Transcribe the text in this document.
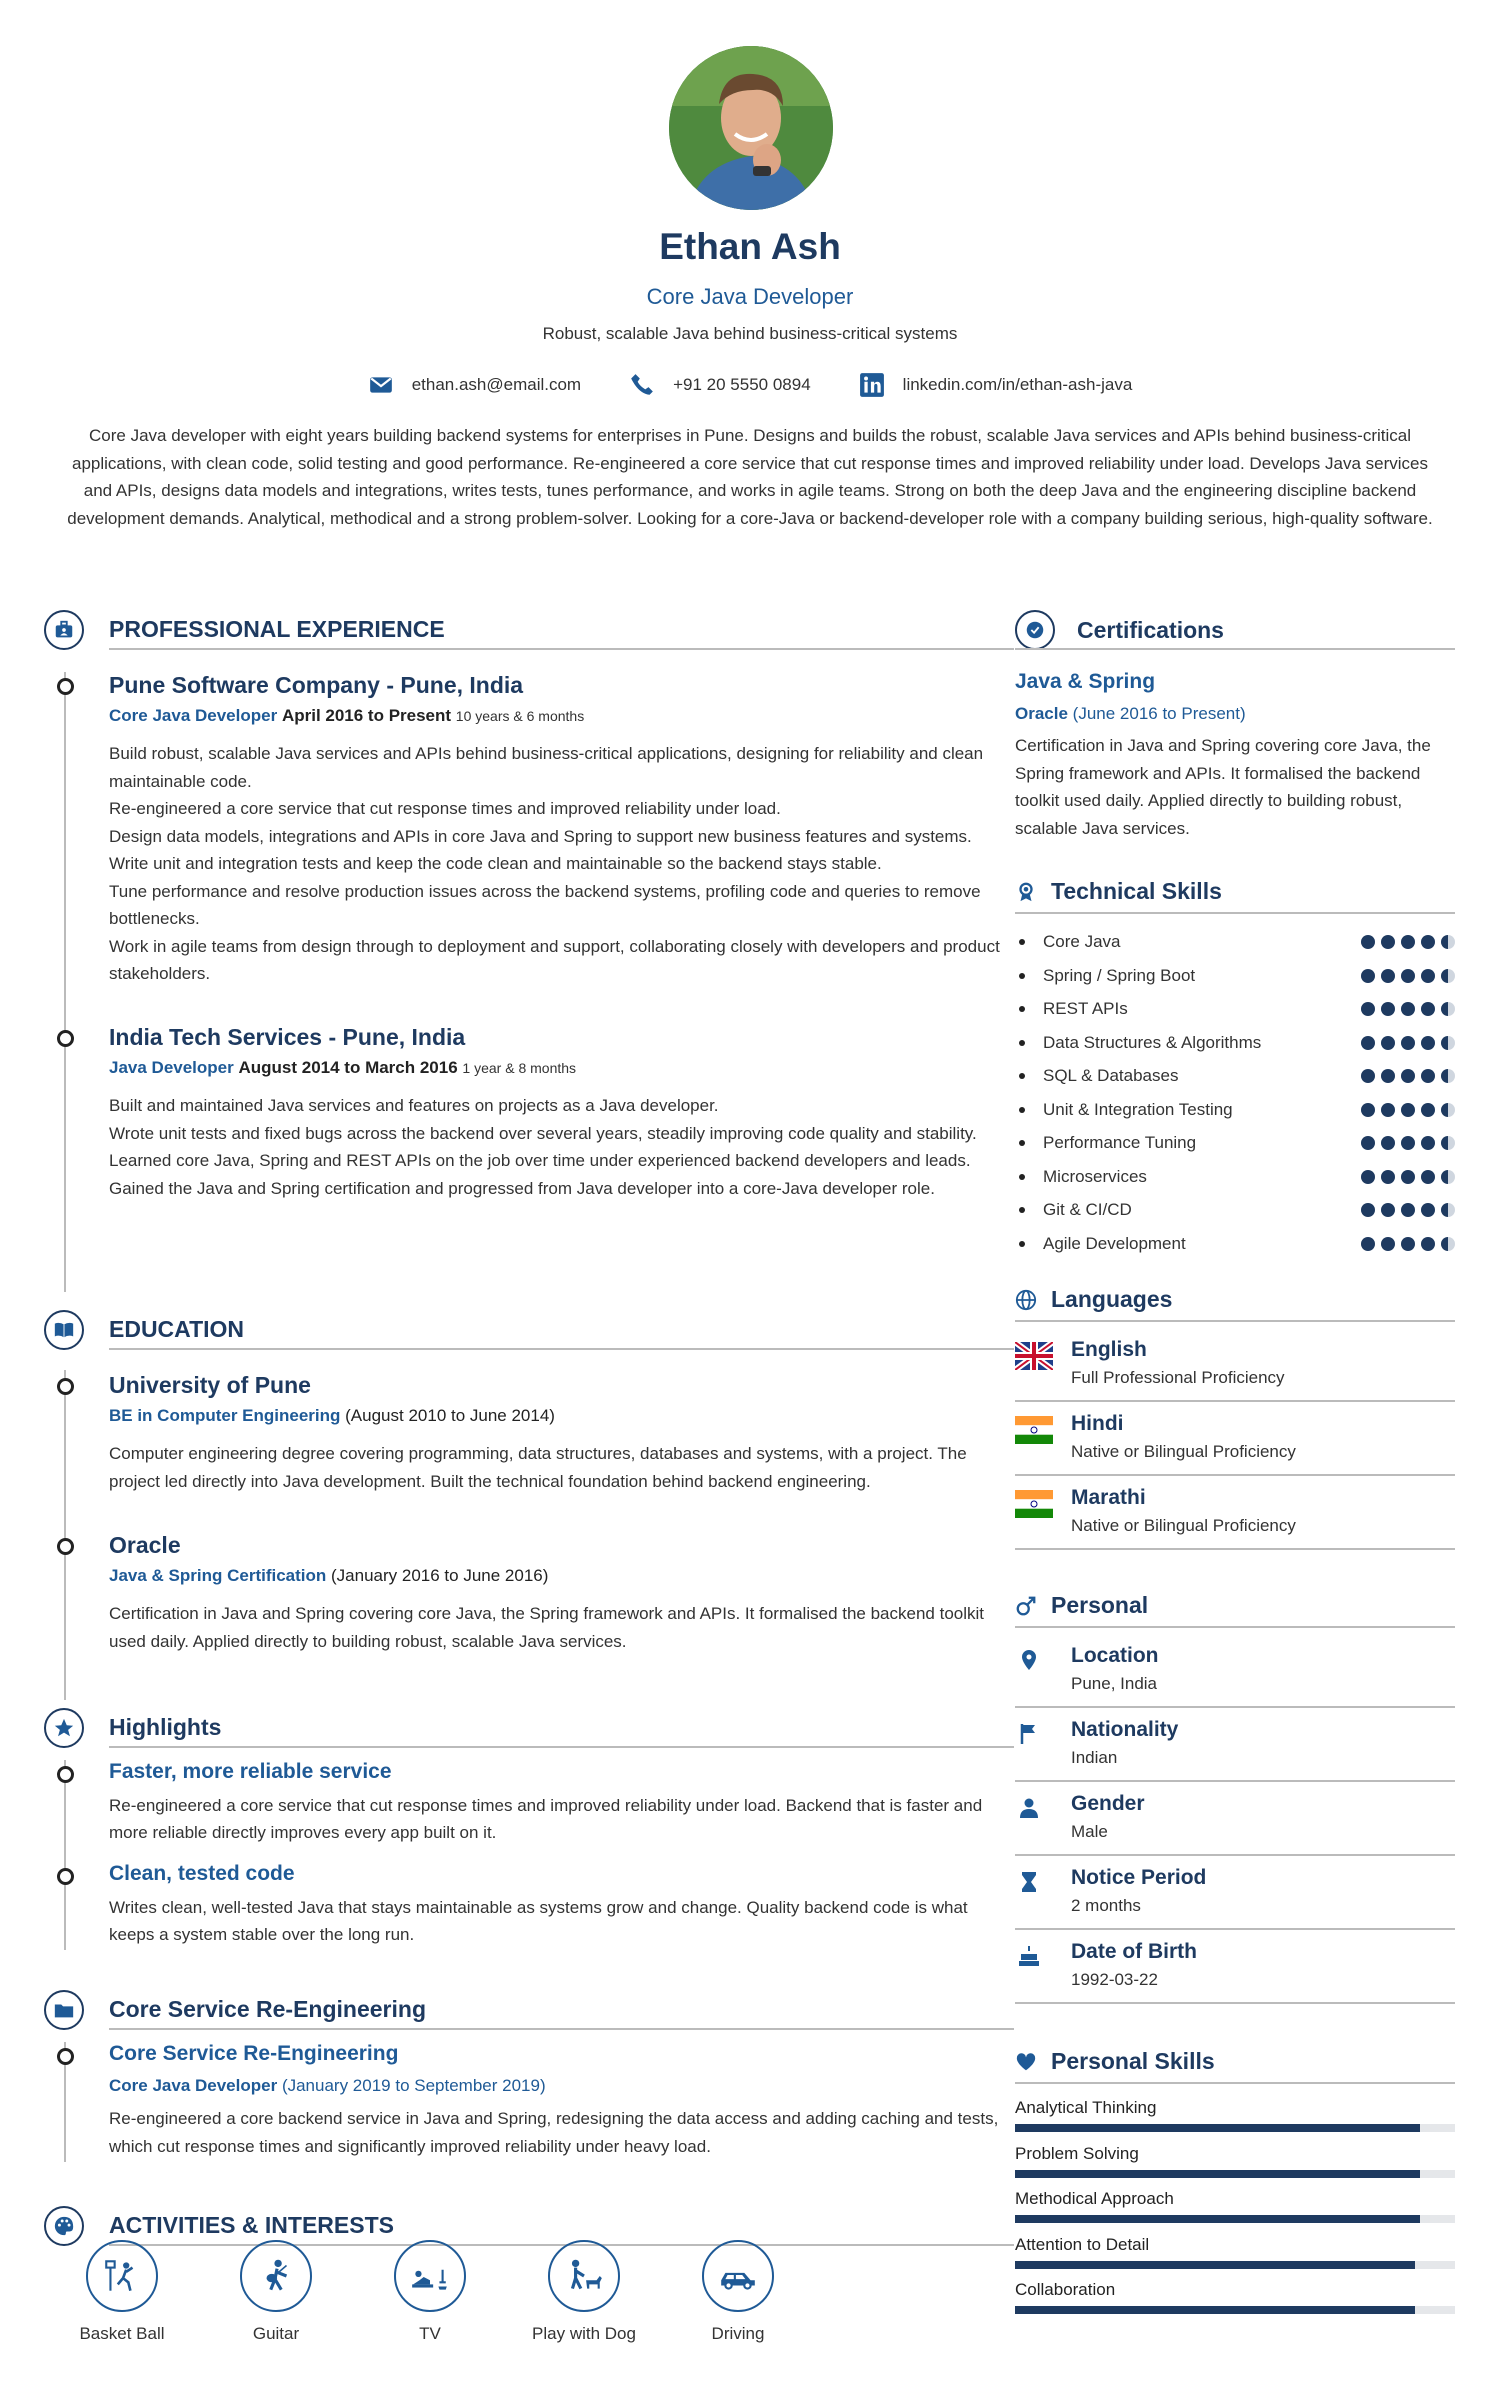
Ethan Ash
Core Java Developer
Robust, scalable Java behind business-critical systems
ethan.ash@email.com	+91 20 5550 0894	linkedin.com/in/ethan-ash-java
Core Java developer with eight years building backend systems for enterprises in Pune. Designs and builds the robust, scalable Java services and APIs behind business-critical applications, with clean code, solid testing and good performance. Re-engineered a core service that cut response times and improved reliability under load. Develops Java services and APIs, designs data models and integrations, writes tests, tunes performance, and works in agile teams. Strong on both the deep Java and the engineering discipline backend development demands. Analytical, methodical and a strong problem-solver. Looking for a core-Java or backend-developer role with a company building serious, high-quality software.
PROFESSIONAL EXPERIENCE
Pune Software Company - Pune, India
Core Java Developer April 2016 to Present 10 years & 6 months
Build robust, scalable Java services and APIs behind business-critical applications, designing for reliability and clean maintainable code.
Re-engineered a core service that cut response times and improved reliability under load.
Design data models, integrations and APIs in core Java and Spring to support new business features and systems.
Write unit and integration tests and keep the code clean and maintainable so the backend stays stable.
Tune performance and resolve production issues across the backend systems, profiling code and queries to remove bottlenecks.
Work in agile teams from design through to deployment and support, collaborating closely with developers and product stakeholders.
India Tech Services - Pune, India
Java Developer August 2014 to March 2016 1 year & 8 months
Built and maintained Java services and features on projects as a Java developer.
Wrote unit tests and fixed bugs across the backend over several years, steadily improving code quality and stability.
Learned core Java, Spring and REST APIs on the job over time under experienced backend developers and leads.
Gained the Java and Spring certification and progressed from Java developer into a core-Java developer role.
EDUCATION
University of Pune
BE in Computer Engineering (August 2010 to June 2014)
Computer engineering degree covering programming, data structures, databases and systems, with a project. The project led directly into Java development. Built the technical foundation behind backend engineering.
Oracle
Java & Spring Certification (January 2016 to June 2016)
Certification in Java and Spring covering core Java, the Spring framework and APIs. It formalised the backend toolkit used daily. Applied directly to building robust, scalable Java services.
Highlights
Faster, more reliable service
Re-engineered a core service that cut response times and improved reliability under load. Backend that is faster and more reliable directly improves every app built on it.
Clean, tested code
Writes clean, well-tested Java that stays maintainable as systems grow and change. Quality backend code is what keeps a system stable over the long run.
Core Service Re-Engineering
Core Service Re-Engineering
Core Java Developer (January 2019 to September 2019)
Re-engineered a core backend service in Java and Spring, redesigning the data access and adding caching and tests, which cut response times and significantly improved reliability under heavy load.
ACTIVITIES & INTERESTS
Basket Ball	Guitar	TV	Play with Dog	Driving
Certifications
Java & Spring
Oracle (June 2016 to Present)
Certification in Java and Spring covering core Java, the Spring framework and APIs. It formalised the backend toolkit used daily. Applied directly to building robust, scalable Java services.
Technical Skills
Core Java
Spring / Spring Boot
REST APIs
Data Structures & Algorithms
SQL & Databases
Unit & Integration Testing
Performance Tuning
Microservices
Git & CI/CD
Agile Development
Languages
English
Full Professional Proficiency
Hindi
Native or Bilingual Proficiency
Marathi
Native or Bilingual Proficiency
Personal
Location
Pune, India
Nationality
Indian
Gender
Male
Notice Period
2 months
Date of Birth
1992-03-22
Personal Skills
Analytical Thinking
Problem Solving
Methodical Approach
Attention to Detail
Collaboration
